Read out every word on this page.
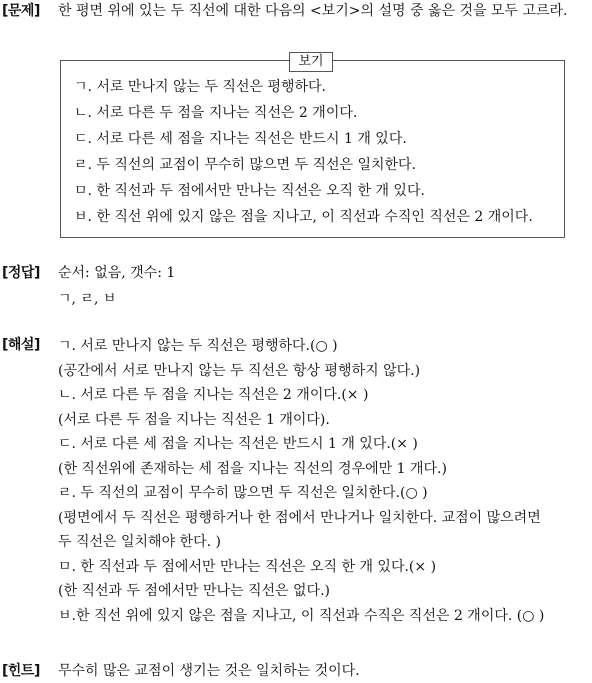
[문제] 한 평면 위에 있는 두 직선에 대한 다음의 <보기>의 설명 중 옳은 것을 모두 고르라.
보기
ㄱ. 서로 만나지 않는 두 직선은 평행하다.
ㄴ. 서로 다른 두 점을 지나는 직선은 2 개이다.
ㄷ. 서로 다른 세 점을 지나는 직선은 반드시 1 개 있다.
ㄹ. 두 직선의 교점이 무수히 많으면 두 직선은 일치한다.
ㅁ. 한 직선과 두 점에서만 만나는 직선은 오직 한 개 있다.
ㅂ. 한 직선 위에 있지 않은 점을 지나고, 이 직선과 수직인 직선은 2 개이다.
[정답] 순서: 없음, 갯수: 1
ㄱ, ㄹ, ㅂ
[해설] ㄱ. 서로 만나지 않는 두 직선은 평행하다.(○ )
(공간에서 서로 만나지 않는 두 직선은 항상 평행하지 않다.)
ㄴ. 서로 다른 두 점을 지나는 직선은 2 개이다.(× )
(서로 다른 두 점을 지나는 직선은 1 개이다).
ㄷ. 서로 다른 세 점을 지나는 직선은 반드시 1 개 있다.(× )
(한 직선위에 존재하는 세 점을 지나는 직선의 경우에만 1 개다.)
ㄹ. 두 직선의 교점이 무수히 많으면 두 직선은 일치한다.(○ )
(평면에서 두 직선은 평행하거나 한 점에서 만나거나 일치한다. 교점이 많으려면
두 직선은 일치해야 한다. )
ㅁ. 한 직선과 두 점에서만 만나는 직선은 오직 한 개 있다.(× )
(한 직선과 두 점에서만 만나는 직선은 없다.)
ㅂ.한 직선 위에 있지 않은 점을 지나고, 이 직선과 수직은 직선은 2 개이다. (○ )
[힌트] 무수히 많은 교점이 생기는 것은 일치하는 것이다.
